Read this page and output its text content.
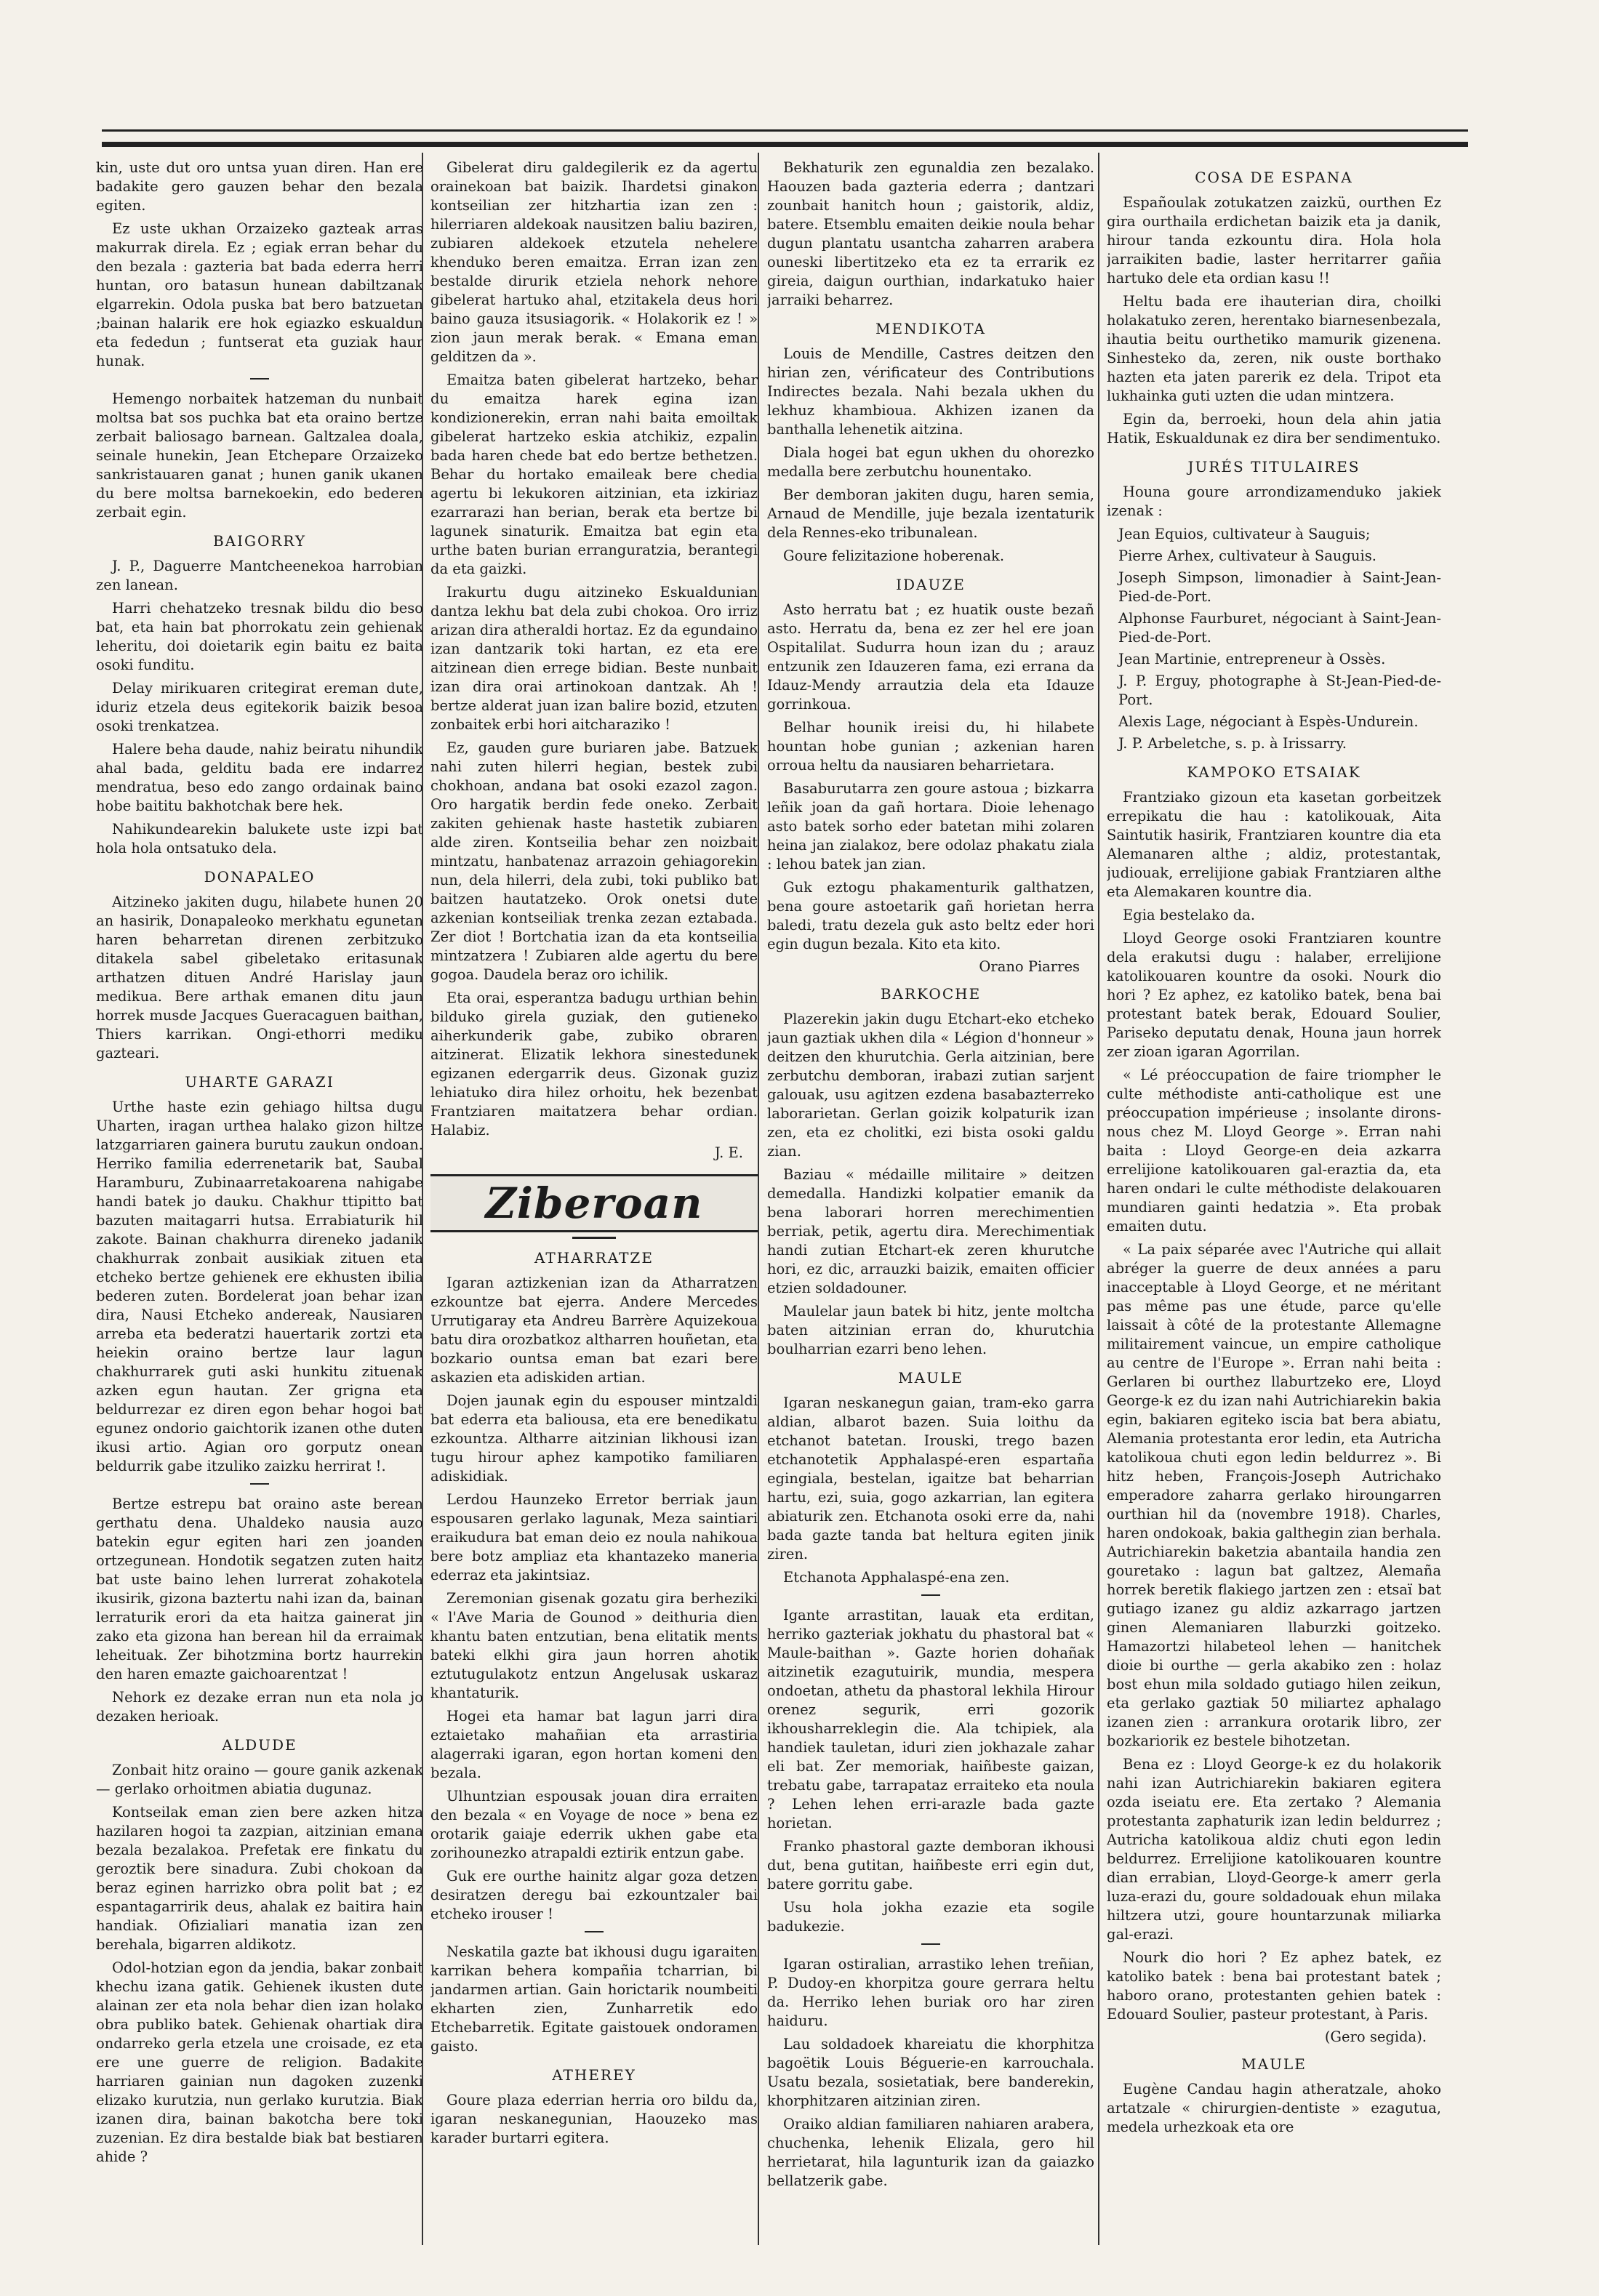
kin, uste dut oro untsa yuan diren. Han ere badakite gero gauzen behar den bezala egiten.

Ez uste ukhan Orzaizeko gazteak arras makurrak direla. Ez ; egiak erran behar du den bezala : gazteria bat bada ederra herri huntan, oro batasun hunean dabiltzanak elgarrekin. Odola puska bat bero batzuetan ;bainan halarik ere hok egiazko eskualdun eta fededun ; funtserat eta guziak haur hunak.

Hemengo norbaitek hatzeman du nunbait moltsa bat sos puchka bat eta oraino bertze zerbait baliosago barnean. Galtzalea doala, seinale hunekin, Jean Etchepare Orzaizeko sankristauaren ganat ; hunen ganik ukanen du bere moltsa barnekoekin, edo bederen zerbait egin.

BAIGORRY

J. P., Daguerre Mantcheenekoa harrobian zen lanean.

Harri chehatzeko tresnak bildu dio beso bat, eta hain bat phorrokatu zein gehienak leheritu, doi doietarik egin baitu ez baita osoki funditu.

Delay mirikuaren critegirat ereman dute, iduriz etzela deus egitekorik baizik besoa osoki trenkatzea.

Halere beha daude, nahiz beiratu nihundik ahal bada, gelditu bada ere indarrez mendratua, beso edo zango ordainak baino hobe baititu bakhotchak bere hek.

Nahikundearekin balukete uste izpi bat hola hola ontsatuko dela.

DONAPALEO

Aitzineko jakiten dugu, hilabete hunen 20 an hasirik, Donapaleoko merkhatu egunetan haren beharretan direnen zerbitzuko ditakela sabel gibeletako eritasunak arthatzen dituen André Harislay jaun medikua. Bere arthak emanen ditu jaun horrek musde Jacques Gueracaguen baithan, Thiers karrikan. Ongi-ethorri mediku gazteari.

UHARTE GARAZI

Urthe haste ezin gehiago hiltsa dugu Uharten, iragan urthea halako gizon hiltze latzgarriaren gainera burutu zaukun ondoan. Herriko familia ederrenetarik bat, Saubal Haramburu, Zubinaarretakoarena nahigabe handi batek jo dauku. Chakhur ttipitto bat bazuten maitagarri hutsa. Errabiaturik hil zakote. Bainan chakhurra direneko jadanik chakhurrak zonbait ausikiak zituen eta etcheko bertze gehienek ere ekhusten ibilia bederen zuten. Bordelerat joan behar izan dira, Nausi Etcheko andereak, Nausiaren arreba eta bederatzi hauertarik zortzi eta heiekin oraino bertze laur lagun chakhurrarek guti aski hunkitu zituenak azken egun hautan. Zer grigna eta beldurrezar ez diren egon behar hogoi bat egunez ondorio gaichtorik izanen othe duten ikusi artio. Agian oro gorputz onean beldurrik gabe itzuliko zaizku herrirat !.

Bertze estrepu bat oraino aste berean gerthatu dena. Uhaldeko nausia auzo batekin egur egiten hari zen joanden ortzegunean. Hondotik segatzen zuten haitz bat uste baino lehen lurrerat zohakotela ikusirik, gizona baztertu nahi izan da, bainan lerraturik erori da eta haitza gainerat jin zako eta gizona han berean hil da erraimak leheituak. Zer bihotzmina bortz haurrekin den haren emazte gaichoarentzat !

Nehork ez dezake erran nun eta nola jo dezaken herioak.

ALDUDE

Zonbait hitz oraino — goure ganik azkenak — gerlako orhoitmen abiatia dugunaz.

Kontseilak eman zien bere azken hitza hazilaren hogoi ta zazpian, aitzinian emana bezala bezalakoa. Prefetak ere finkatu du geroztik bere sinadura. Zubi chokoan da beraz eginen harrizko obra polit bat ; ez espantagarririk deus, ahalak ez baitira hain handiak. Ofizialiari manatia izan zen berehala, bigarren aldikotz.

Odol-hotzian egon da jendia, bakar zonbait khechu izana gatik. Gehienek ikusten dute alainan zer eta nola behar dien izan holako obra publiko batek. Gehienak ohartiak dira ondarreko gerla etzela une croisade, ez eta ere une guerre de religion. Badakite harriaren gainian nun dagoken zuzenki elizako kurutzia, nun gerlako kurutzia. Biak izanen dira, bainan bakotcha bere toki zuzenian. Ez dira bestalde biak bat bestiaren ahide ?

Gibelerat diru galdegilerik ez da agertu orainekoan bat baizik. Ihardetsi ginakon kontseilian zer hitzhartia izan zen : hilerriaren aldekoak nausitzen baliu baziren, zubiaren aldekoek etzutela nehelere khenduko beren emaitza. Erran izan zen bestalde dirurik etziela nehork nehore gibelerat hartuko ahal, etzitakela deus hori baino gauza itsusiagorik. « Holakorik ez ! » zion jaun merak berak. « Emana eman gelditzen da ».

Emaitza baten gibelerat hartzeko, behar du emaitza harek egina izan kondizionerekin, erran nahi baita emoiltak gibelerat hartzeko eskia atchikiz, ezpalin bada haren chede bat edo bertze bethetzen. Behar du hortako emaileak bere chedia agertu bi lekukoren aitzinian, eta izkiriaz ezarrarazi han berian, berak eta bertze bi lagunek sinaturik. Emaitza bat egin eta urthe baten burian erranguratzia, berantegi da eta gaizki.

Irakurtu dugu aitzineko Eskualdunian dantza lekhu bat dela zubi chokoa. Oro irriz arizan dira atheraldi hortaz. Ez da egundaino izan dantzarik toki hartan, ez eta ere aitzinean dien errege bidian. Beste nunbait izan dira orai artinokoan dantzak. Ah ! bertze alderat juan izan balire bozid, etzuten zonbaitek erbi hori aitcharaziko !

Ez, gauden gure buriaren jabe. Batzuek nahi zuten hilerri hegian, bestek zubi chokhoan, andana bat osoki ezazol zagon. Oro hargatik berdin fede oneko. Zerbait zakiten gehienak haste hastetik zubiaren alde ziren. Kontseilia behar zen noizbait mintzatu, hanbatenaz arrazoin gehiagorekin nun, dela hilerri, dela zubi, toki publiko bat baitzen hautatzeko. Orok onetsi dute azkenian kontseiliak trenka zezan eztabada. Zer diot ! Bortchatia izan da eta kontseilia mintzatzera ! Zubiaren alde agertu du bere gogoa. Daudela beraz oro ichilik.

Eta orai, esperantza badugu urthian behin bilduko girela guziak, den gutieneko aiherkunderik gabe, zubiko obraren aitzinerat. Elizatik lekhora sinestedunek egizanen edergarrik deus. Gizonak guziz lehiatuko dira hilez orhoitu, hek bezenbat Frantziaren maitatzera behar ordian. Halabiz.

J. E.
Ziberoan
ATHARRATZE

Igaran aztizkenian izan da Atharratzen ezkountze bat ejerra. Andere Mercedes Urrutigaray eta Andreu Barrère Aquizekoua batu dira orozbatkoz altharren houñetan, eta bozkario ountsa eman bat ezari bere askazien eta adiskiden artian.

Dojen jaunak egin du espouser mintzaldi bat ederra eta baliousa, eta ere benedikatu ezkountza. Altharre aitzinian likhousi izan tugu hirour aphez kampotiko familiaren adiskidiak.

Lerdou Haunzeko Erretor berriak jaun espousaren gerlako lagunak, Meza saintiari eraikudura bat eman deio ez noula nahikoua bere botz ampliaz eta khantazeko maneria ederraz eta jakintsiaz.

Zeremonian gisenak gozatu gira berheziki « l'Ave Maria de Gounod » deithuria dien khantu baten entzutian, bena elitatik ments bateki elkhi gira jaun horren ahotik eztutugulakotz entzun Angelusak uskaraz khantaturik.

Hogei eta hamar bat lagun jarri dira eztaietako mahañian eta arrastiria alagerraki igaran, egon hortan komeni den bezala.

Ulhuntzian espousak jouan dira erraiten den bezala « en Voyage de noce » bena ez orotarik gaiaje ederrik ukhen gabe eta zorihounezko atrapaldi eztirik entzun gabe.

Guk ere ourthe hainitz algar goza detzen desiratzen deregu bai ezkountzaler bai etcheko irouser !

Neskatila gazte bat ikhousi dugu igaraiten karrikan behera kompañia tcharrian, bi jandarmen artian. Gain horictarik noumbeiti ekharten zien, Zunharretik edo Etchebarretik. Egitate gaistouek ondoramen gaisto.

ATHEREY

Goure plaza ederrian herria oro bildu da, igaran neskanegunian, Haouzeko mas karader burtarri egitera.

Bekhaturik zen egunaldia zen bezalako. Haouzen bada gazteria ederra ; dantzari zounbait hanitch houn ; gaistorik, aldiz, batere. Etsemblu emaiten deikie noula behar dugun plantatu usantcha zaharren arabera ouneski libertitzeko eta ez ta errarik ez gireia, daigun ourthian, indarkatuko haier jarraiki beharrez.

MENDIKOTA

Louis de Mendille, Castres deitzen den hirian zen, vérificateur des Contributions Indirectes bezala. Nahi bezala ukhen du lekhuz khambioua. Akhizen izanen da banthalla lehenetik aitzina.

Diala hogei bat egun ukhen du ohorezko medalla bere zerbutchu hounentako.

Ber demboran jakiten dugu, haren semia, Arnaud de Mendille, juje bezala izentaturik dela Rennes-eko tribunalean.

Goure felizitazione hoberenak.

IDAUZE

Asto herratu bat ; ez huatik ouste bezañ asto. Herratu da, bena ez zer hel ere joan Ospitalilat. Sudurra houn izan du ; arauz entzunik zen Idauzeren fama, ezi errana da Idauz-Mendy arrautzia dela eta Idauze gorrinkoua.

Belhar hounik ireisi du, hi hilabete hountan hobe gunian ; azkenian haren orroua heltu da nausiaren beharrietara.

Basaburutarra zen goure astoua ; bizkarra leñik joan da gañ hortara. Dioie lehenago asto batek sorho eder batetan mihi zolaren heina jan zialakoz, bere odolaz phakatu ziala : lehou batek jan zian.

Guk eztogu phakamenturik galthatzen, bena goure astoetarik gañ horietan herra baledi, tratu dezela guk asto beltz eder hori egin dugun bezala. Kito eta kito.

Orano Piarres
BARKOCHE

Plazerekin jakin dugu Etchart-eko etcheko jaun gaztiak ukhen dila « Légion d'honneur » deitzen den khurutchia. Gerla aitzinian, bere zerbutchu demboran, irabazi zutian sarjent galouak, usu agitzen ezdena basabazterreko laborarietan. Gerlan goizik kolpaturik izan zen, eta ez cholitki, ezi bista osoki galdu zian.

Baziau « médaille militaire » deitzen demedalla. Handizki kolpatier emanik da bena laborari horren merechimentien berriak, petik, agertu dira. Merechimentiak handi zutian Etchart-ek zeren khurutche hori, ez dic, arrauzki baizik, emaiten officier etzien soldadouner.

Maulelar jaun batek bi hitz, jente moltcha baten aitzinian erran do, khurutchia boulharrian ezarri beno lehen.

MAULE

Igaran neskanegun gaian, tram-eko garra aldian, albarot bazen. Suia loithu da etchanot batetan. Irouski, trego bazen etchanotetik Apphalaspé-eren espartaña egingiala, bestelan, igaitze bat beharrian hartu, ezi, suia, gogo azkarrian, lan egitera abiaturik zen. Etchanota osoki erre da, nahi bada gazte tanda bat heltura egiten jinik ziren.

Etchanota Apphalaspé-ena zen.

Igante arrastitan, lauak eta erditan, herriko gazteriak jokhatu du phastoral bat « Maule-baithan ». Gazte horien dohañak aitzinetik ezagutuirik, mundia, mespera ondoetan, athetu da phastoral lekhila Hirour orenez segurik, erri gozorik ikhousharreklegin die. Ala tchipiek, ala handiek tauletan, iduri zien jokhazale zahar eli bat. Zer memoriak, haiñbeste gaizan, trebatu gabe, tarrapataz erraiteko eta noula ? Lehen lehen erri-arazle bada gazte horietan.

Franko phastoral gazte demboran ikhousi dut, bena gutitan, haiñbeste erri egin dut, batere gorritu gabe.

Usu hola jokha ezazie eta sogile badukezie.

Igaran ostiralian, arrastiko lehen treñian, P. Dudoy-en khorpitza goure gerrara heltu da. Herriko lehen buriak oro har ziren haiduru.

Lau soldadoek khareiatu die khorphitza bagoëtik Louis Béguerie-en karrouchala. Usatu bezala, sosietatiak, bere banderekin, khorphitzaren aitzinian ziren.

Oraiko aldian familiaren nahiaren arabera, chuchenka, lehenik Elizala, gero hil herrietarat, hila lagunturik izan da gaiazko bellatzerik gabe.

COSA DE ESPANA

Españoulak zotukatzen zaizkü, ourthen Ez gira ourthaila erdichetan baizik eta ja danik, hirour tanda ezkountu dira. Hola hola jarraikiten badie, laster herritarrer gañia hartuko dele eta ordian kasu !!

Heltu bada ere ihauterian dira, choilki holakatuko zeren, herentako biarnesenbezala, ihautia beitu ourthetiko mamurik gizenena. Sinhesteko da, zeren, nik ouste borthako hazten eta jaten parerik ez dela. Tripot eta lukhainka guti uzten die udan mintzera.

Egin da, berroeki, houn dela ahin jatia Hatik, Eskualdunak ez dira ber sendimentuko.

JURÉS TITULAIRES

Houna goure arrondizamenduko jakiek izenak :

Jean Equios, cultivateur à Sauguis;

Pierre Arhex, cultivateur à Sauguis.

Joseph Simpson, limonadier à Saint-Jean-Pied-de-Port.

Alphonse Faurburet, négociant à Saint-Jean-Pied-de-Port.

Jean Martinie, entrepreneur à Ossès.

J. P. Erguy, photographe à St-Jean-Pied-de-Port.

Alexis Lage, négociant à Espès-Undurein.

J. P. Arbeletche, s. p. à Irissarry.

KAMPOKO ETSAIAK

Frantziako gizoun eta kasetan gorbeitzek errepikatu die hau : katolikouak, Aita Saintutik hasirik, Frantziaren kountre dia eta Alemanaren althe ; aldiz, protestantak, judiouak, errelijione gabiak Frantziaren althe eta Alemakaren kountre dia.

Egia bestelako da.

Lloyd George osoki Frantziaren kountre dela erakutsi dugu : halaber, errelijione katolikouaren kountre da osoki. Nourk dio hori ? Ez aphez, ez katoliko batek, bena bai protestant batek berak, Edouard Soulier, Pariseko deputatu denak, Houna jaun horrek zer zioan igaran Agorrilan.

« Lé préoccupation de faire triompher le culte méthodiste anti-catholique est une préoccupation impérieuse ; insolante dirons-nous chez M. Lloyd George ». Erran nahi baita : Lloyd George-en deia azkarra errelijione katolikouaren gal-eraztia da, eta haren ondari le culte méthodiste delakouaren mundiaren gainti hedatzia ». Eta probak emaiten dutu.

« La paix séparée avec l'Autriche qui allait abréger la guerre de deux années a paru inacceptable à Lloyd George, et ne méritant pas même pas une étude, parce qu'elle laissait à côté de la protestante Allemagne militairement vaincue, un empire catholique au centre de l'Europe ». Erran nahi beita : Gerlaren bi ourthez llaburtzeko ere, Lloyd George-k ez du izan nahi Autrichiarekin bakia egin, bakiaren egiteko iscia bat bera abiatu, Alemania protestanta eror ledin, eta Autricha katolikoua chuti egon ledin beldurrez ». Bi hitz heben, François-Joseph Autrichako emperadore zaharra gerlako hiroungarren ourthian hil da (novembre 1918). Charles, haren ondokoak, bakia galthegin zian berhala. Autrichiarekin baketzia abantaila handia zen gouretako : lagun bat galtzez, Alemaña horrek beretik flakiego jartzen zen : etsaï bat gutiago izanez gu aldiz azkarrago jartzen ginen Alemaniaren llaburzki goitzeko. Hamazortzi hilabeteol lehen — hanitchek dioie bi ourthe — gerla akabiko zen : holaz bost ehun mila soldado gutiago hilen zeikun, eta gerlako gaztiak 50 miliartez aphalago izanen zien : arrankura orotarik libro, zer bozkariorik ez bestele bihotzetan.

Bena ez : Lloyd George-k ez du holakorik nahi izan Autrichiarekin bakiaren egitera ozda iseiatu ere. Eta zertako ? Alemania protestanta zaphaturik izan ledin beldurrez ; Autricha katolikoua aldiz chuti egon ledin beldurrez. Errelijione katolikouaren kountre dian errabian, Lloyd-George-k amerr gerla luza-erazi du, goure soldadouak ehun milaka hiltzera utzi, goure hountarzunak miliarka gal-erazi.

Nourk dio hori ? Ez aphez batek, ez katoliko batek : bena bai protestant batek ; haboro orano, protestanten gehien batek : Edouard Soulier, pasteur protestant, à Paris.

(Gero segida).
MAULE

Eugène Candau hagin atheratzale, ahoko artatzale « chirurgien-dentiste » ezagutua, medela urhezkoak eta ore
